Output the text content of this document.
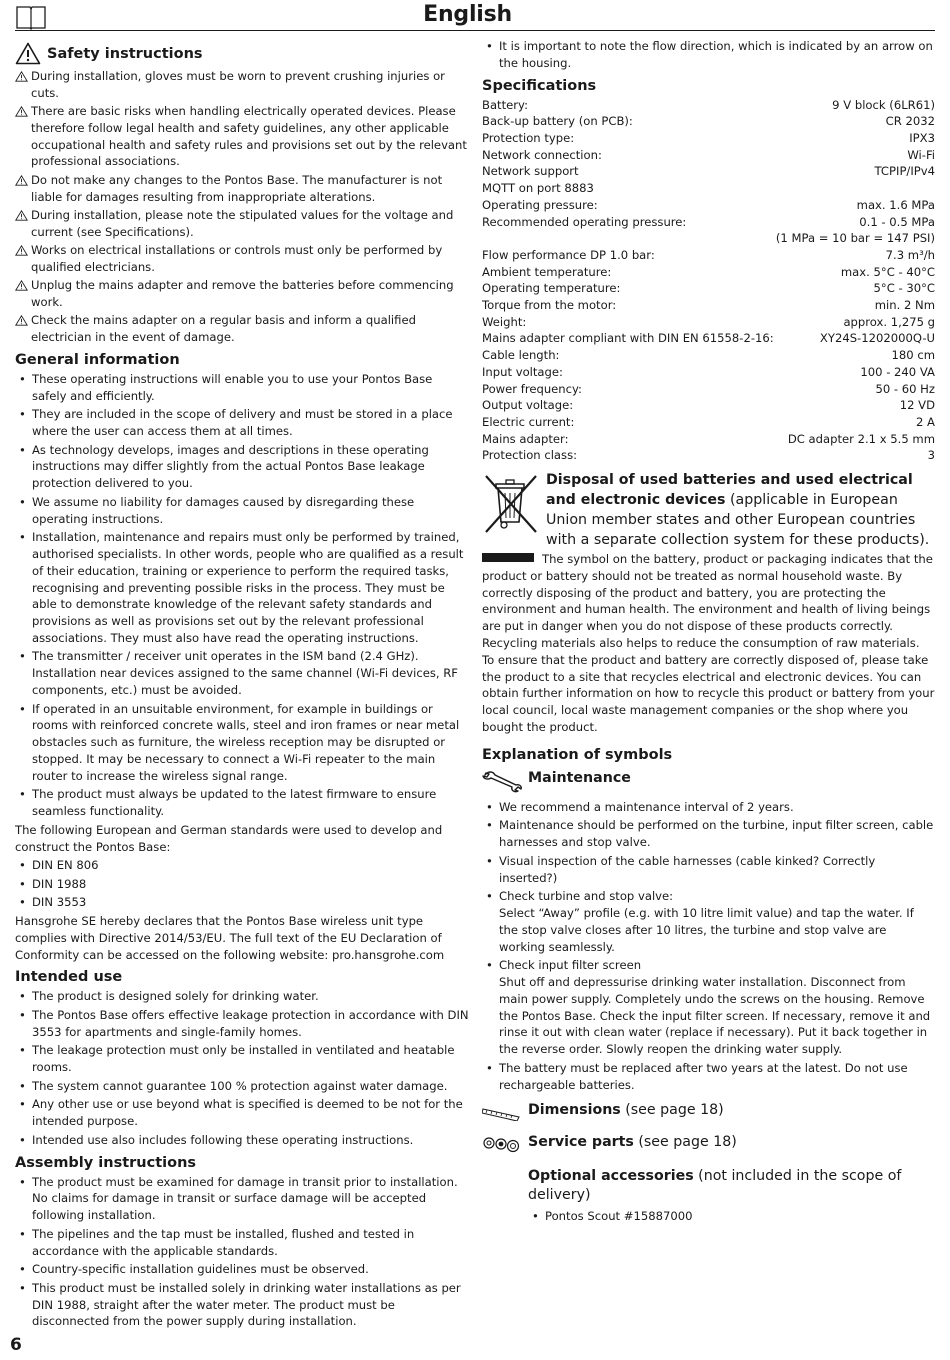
English
Safety instructions
During installation, gloves must be worn to prevent crushing injuries or cuts.
There are basic risks when handling electrically operated devices. Please therefore follow legal health and safety guidelines, any other applicable occupational health and safety rules and provisions set out by the relevant professional associations.
Do not make any changes to the Pontos Base. The manufacturer is not liable for damages resulting from inappropriate alterations.
During installation, please note the stipulated values for the voltage and current (see Specifications).
Works on electrical installations or controls must only be performed by qualified electricians.
Unplug the mains adapter and remove the batteries before commencing work.
Check the mains adapter on a regular basis and inform a qualified electrician in the event of damage.
General information
• These operating instructions will enable you to use your Pontos Base safely and efficiently.
• They are included in the scope of delivery and must be stored in a place where the user can access them at all times.
• As technology develops, images and descriptions in these operating instructions may differ slightly from the actual Pontos Base leakage protection delivered to you.
• We assume no liability for damages caused by disregarding these operating instructions.
• Installation, maintenance and repairs must only be performed by trained, authorised specialists. In other words, people who are qualified as a result of their education, training or experience to perform the required tasks, recognising and preventing possible risks in the process. They must be able to demonstrate knowledge of the relevant safety standards and provisions as well as provisions set out by the relevant professional associations. They must also have read the operating instructions.
• The transmitter / receiver unit operates in the ISM band (2.4 GHz). Installation near devices assigned to the same channel (Wi-Fi devices, RF components, etc.) must be avoided.
• If operated in an unsuitable environment, for example in buildings or rooms with reinforced concrete walls, steel and iron frames or near metal obstacles such as furniture, the wireless reception may be disrupted or stopped. It may be necessary to connect a Wi-Fi repeater to the main router to increase the wireless signal range.
• The product must always be updated to the latest firmware to ensure seamless functionality.
The following European and German standards were used to develop and construct the Pontos Base:
• DIN EN 806
• DIN 1988
• DIN 3553
Hansgrohe SE hereby declares that the Pontos Base wireless unit type complies with Directive 2014/53/EU. The full text of the EU Declaration of Conformity can be accessed on the following website: pro.hansgrohe.com
Intended use
• The product is designed solely for drinking water.
• The Pontos Base offers effective leakage protection in accordance with DIN 3553 for apartments and single-family homes.
• The leakage protection must only be installed in ventilated and heatable rooms.
• The system cannot guarantee 100 % protection against water damage.
• Any other use or use beyond what is specified is deemed to be not for the intended purpose.
• Intended use also includes following these operating instructions.
Assembly instructions
• The product must be examined for damage in transit prior to installation. No claims for damage in transit or surface damage will be accepted following installation.
• The pipelines and the tap must be installed, flushed and tested in accordance with the applicable standards.
• Country-specific installation guidelines must be observed.
• This product must be installed solely in drinking water installations as per DIN 1988, straight after the water meter. The product must be disconnected from the power supply during installation.
• It is important to note the flow direction, which is indicated by an arrow on the housing.
Specifications
Battery:	9 V block (6LR61)
Back-up battery (on PCB):	CR 2032
Protection type:	IPX3
Network connection:	Wi-Fi
Network support	TCPIP/IPv4
MQTT on port 8883
Operating pressure:	max. 1.6 MPa
Recommended operating pressure:	0.1 - 0.5 MPa
(1 MPa = 10 bar = 147 PSI)
Flow performance DP 1.0 bar:	7.3 m³/h
Ambient temperature:	max. 5°C - 40°C
Operating temperature:	5°C - 30°C
Torque from the motor:	min. 2 Nm
Weight:	approx. 1,275 g
Mains adapter compliant with DIN EN 61558-2-16:	XY24S-1202000Q-U
Cable length:	180 cm
Input voltage:	100 - 240 VA
Power frequency:	50 - 60 Hz
Output voltage:	12 VD
Electric current:	2 A
Mains adapter:	DC adapter 2.1 x 5.5 mm
Protection class:	3
Disposal of used batteries and used electrical and electronic devices (applicable in European Union member states and other European countries with a separate collection system for these products).
The symbol on the battery, product or packaging indicates that the product or battery should not be treated as normal household waste. By correctly disposing of the product and battery, you are protecting the environment and human health. The environment and health of living beings are put in danger when you do not dispose of these products correctly. Recycling materials also helps to reduce the consumption of raw materials. To ensure that the product and battery are correctly disposed of, please take the product to a site that recycles electrical and electronic devices. You can obtain further information on how to recycle this product or battery from your local council, local waste management companies or the shop where you bought the product.
Explanation of symbols
Maintenance
• We recommend a maintenance interval of 2 years.
• Maintenance should be performed on the turbine, input filter screen, cable harnesses and stop valve.
• Visual inspection of the cable harnesses (cable kinked? Correctly inserted?)
• Check turbine and stop valve:
Select “Away” profile (e.g. with 10 litre limit value) and tap the water. If the stop valve closes after 10 litres, the turbine and stop valve are working seamlessly.
• Check input filter screen
Shut off and depressurise drinking water installation. Disconnect from main power supply. Completely undo the screws on the housing. Remove the Pontos Base. Check the input filter screen. If necessary, remove it and rinse it out with clean water (replace if necessary). Put it back together in the reverse order. Slowly reopen the drinking water supply.
• The battery must be replaced after two years at the latest. Do not use rechargeable batteries.
Dimensions (see page 18)
Service parts (see page 18)
Optional accessories (not included in the scope of delivery)
• Pontos Scout #15887000
6
